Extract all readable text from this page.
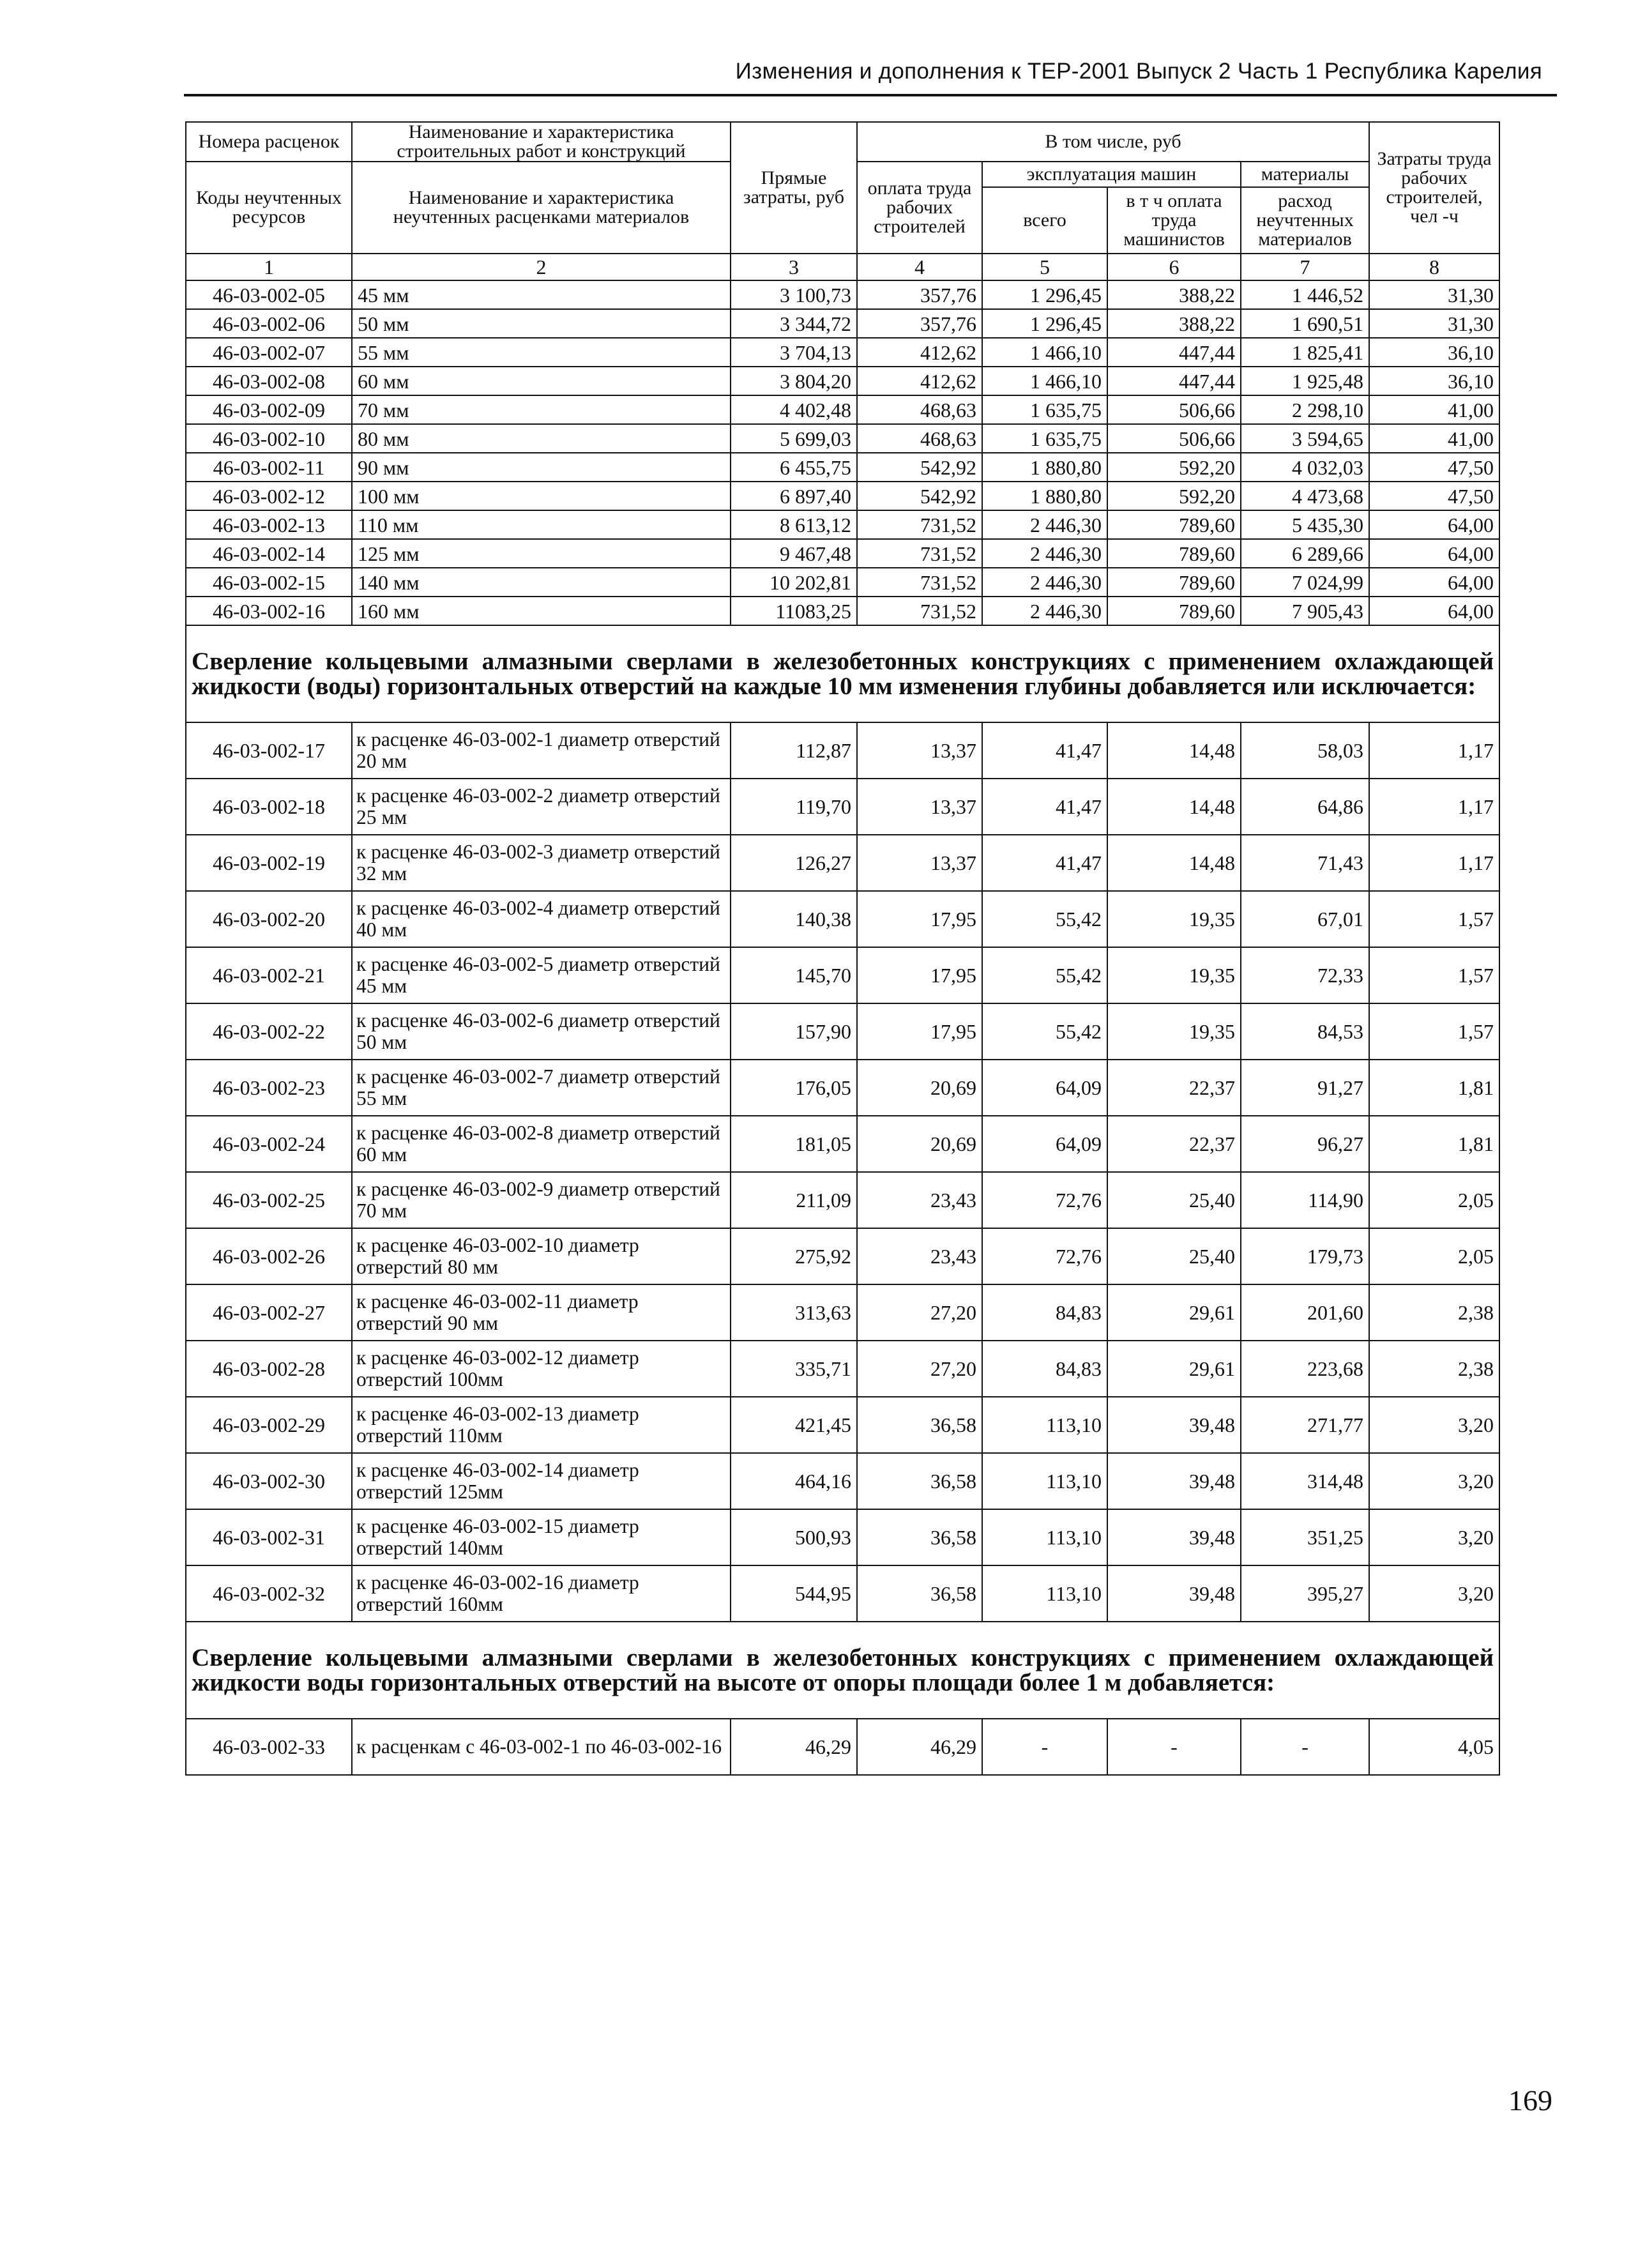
Изменения и дополнения к ТЕР-2001 Выпуск 2 Часть 1 Республика Карелия
Номера расценок	Наименование и характеристика строительных работ и конструкций	Прямые затраты, руб	В том числе, руб				Затраты труда рабочих строителей, чел -ч
Коды неучтенных ресурсов	Наименование и характеристика неучтенных расценками материалов		оплата труда рабочих строителей	эксплуатация машин		материалы	
				всего	в т ч оплата труда машинистов	расход неучтенных материалов	
1	2	3	4	5	6	7	8
46-03-002-05	45 мм	3 100,73	357,76	1 296,45	388,22	1 446,52	31,30
46-03-002-06	50 мм	3 344,72	357,76	1 296,45	388,22	1 690,51	31,30
46-03-002-07	55 мм	3 704,13	412,62	1 466,10	447,44	1 825,41	36,10
46-03-002-08	60 мм	3 804,20	412,62	1 466,10	447,44	1 925,48	36,10
46-03-002-09	70 мм	4 402,48	468,63	1 635,75	506,66	2 298,10	41,00
46-03-002-10	80 мм	5 699,03	468,63	1 635,75	506,66	3 594,65	41,00
46-03-002-11	90 мм	6 455,75	542,92	1 880,80	592,20	4 032,03	47,50
46-03-002-12	100 мм	6 897,40	542,92	1 880,80	592,20	4 473,68	47,50
46-03-002-13	110 мм	8 613,12	731,52	2 446,30	789,60	5 435,30	64,00
46-03-002-14	125 мм	9 467,48	731,52	2 446,30	789,60	6 289,66	64,00
46-03-002-15	140 мм	10 202,81	731,52	2 446,30	789,60	7 024,99	64,00
46-03-002-16	160 мм	11083,25	731,52	2 446,30	789,60	7 905,43	64,00
Сверление кольцевыми алмазными сверлами в железобетонных конструкциях с применением охлаждающей жидкости (воды) горизонтальных отверстий на каждые 10 мм изменения глубины добавляется или исключается:							
46-03-002-17	к расценке 46-03-002-1 диаметр отверстий 20 мм	112,87	13,37	41,47	14,48	58,03	1,17
46-03-002-18	к расценке 46-03-002-2 диаметр отверстий 25 мм	119,70	13,37	41,47	14,48	64,86	1,17
46-03-002-19	к расценке 46-03-002-3 диаметр отверстий 32 мм	126,27	13,37	41,47	14,48	71,43	1,17
46-03-002-20	к расценке 46-03-002-4 диаметр отверстий 40 мм	140,38	17,95	55,42	19,35	67,01	1,57
46-03-002-21	к расценке 46-03-002-5 диаметр отверстий 45 мм	145,70	17,95	55,42	19,35	72,33	1,57
46-03-002-22	к расценке 46-03-002-6 диаметр отверстий 50 мм	157,90	17,95	55,42	19,35	84,53	1,57
46-03-002-23	к расценке 46-03-002-7 диаметр отверстий 55 мм	176,05	20,69	64,09	22,37	91,27	1,81
46-03-002-24	к расценке 46-03-002-8 диаметр отверстий 60 мм	181,05	20,69	64,09	22,37	96,27	1,81
46-03-002-25	к расценке 46-03-002-9 диаметр отверстий 70 мм	211,09	23,43	72,76	25,40	114,90	2,05
46-03-002-26	к расценке 46-03-002-10 диаметр отверстий 80 мм	275,92	23,43	72,76	25,40	179,73	2,05
46-03-002-27	к расценке 46-03-002-11 диаметр отверстий 90 мм	313,63	27,20	84,83	29,61	201,60	2,38
46-03-002-28	к расценке 46-03-002-12 диаметр отверстий 100мм	335,71	27,20	84,83	29,61	223,68	2,38
46-03-002-29	к расценке 46-03-002-13 диаметр отверстий 110мм	421,45	36,58	113,10	39,48	271,77	3,20
46-03-002-30	к расценке 46-03-002-14 диаметр отверстий 125мм	464,16	36,58	113,10	39,48	314,48	3,20
46-03-002-31	к расценке 46-03-002-15 диаметр отверстий 140мм	500,93	36,58	113,10	39,48	351,25	3,20
46-03-002-32	к расценке 46-03-002-16 диаметр отверстий 160мм	544,95	36,58	113,10	39,48	395,27	3,20
Сверление кольцевыми алмазными сверлами в железобетонных конструкциях с применением охлаждающей жидкости воды горизонтальных отверстий на высоте от опоры площади более 1 м добавляется:							
46-03-002-33	к расценкам с 46-03-002-1 по 46-03-002-16	46,29	46,29	-	-	-	4,05
169
